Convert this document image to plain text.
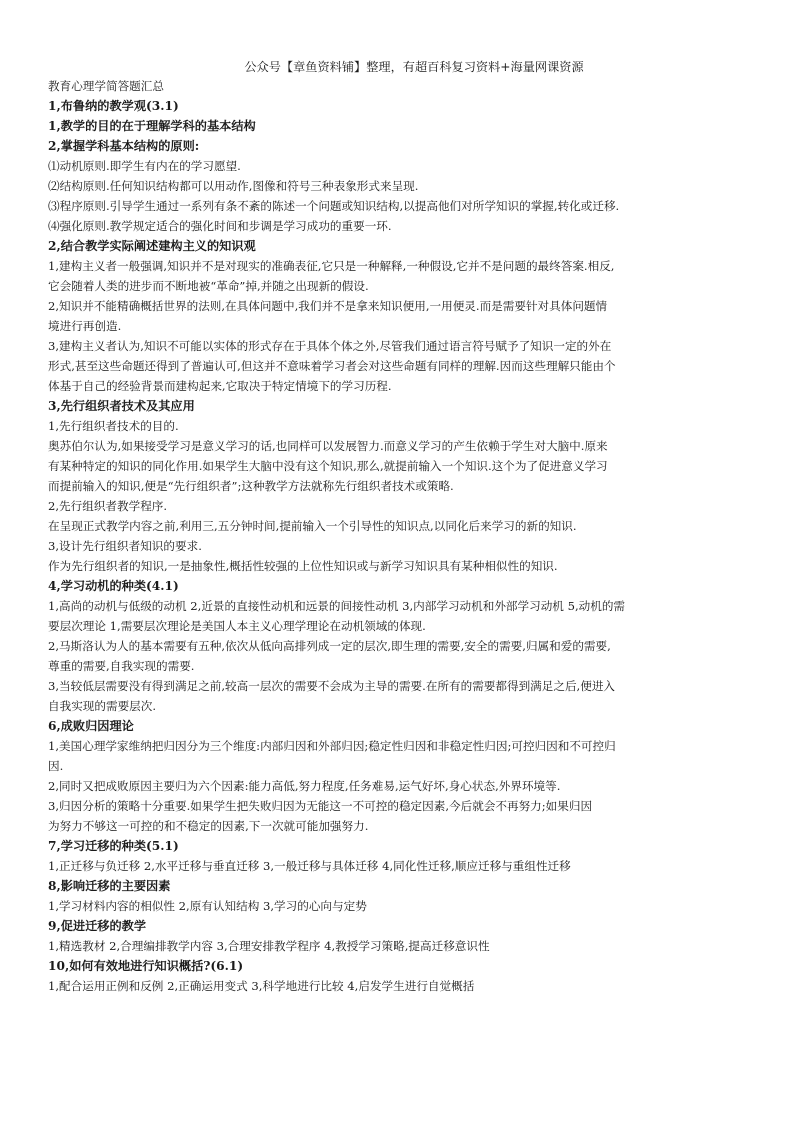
公众号【章鱼资料铺】整理，有超百科复习资料+海量网课资源
教育心理学简答题汇总
1,布鲁纳的教学观(3.1)
1,教学的目的在于理解学科的基本结构
2,掌握学科基本结构的原则:
⑴动机原则.即学生有内在的学习愿望.
⑵结构原则.任何知识结构都可以用动作,图像和符号三种表象形式来呈现.
⑶程序原则.引导学生通过一系列有条不紊的陈述一个问题或知识结构,以提高他们对所学知识的掌握,转化或迁移.
⑷强化原则.教学规定适合的强化时间和步调是学习成功的重要一环.
2,结合教学实际阐述建构主义的知识观
1,建构主义者一般强调,知识并不是对现实的准确表征,它只是一种解释,一种假设,它并不是问题的最终答案.相反,
它会随着人类的进步而不断地被“革命”掉,并随之出现新的假设.
2,知识并不能精确概括世界的法则,在具体问题中,我们并不是拿来知识便用,一用便灵.而是需要针对具体问题情
境进行再创造.
3,建构主义者认为,知识不可能以实体的形式存在于具体个体之外,尽管我们通过语言符号赋予了知识一定的外在
形式,甚至这些命题还得到了普遍认可,但这并不意味着学习者会对这些命题有同样的理解.因而这些理解只能由个
体基于自己的经验背景而建构起来,它取决于特定情境下的学习历程.
3,先行组织者技术及其应用
1,先行组织者技术的目的.
奥苏伯尔认为,如果接受学习是意义学习的话,也同样可以发展智力.而意义学习的产生依赖于学生对大脑中.原来
有某种特定的知识的同化作用.如果学生大脑中没有这个知识,那么,就提前输入一个知识.这个为了促进意义学习
而提前输入的知识,便是“先行组织者”;这种教学方法就称先行组织者技术或策略.
2,先行组织者教学程序.
在呈现正式教学内容之前,利用三,五分钟时间,提前输入一个引导性的知识点,以同化后来学习的新的知识.
3,设计先行组织者知识的要求.
作为先行组织者的知识,一是抽象性,概括性较强的上位性知识或与新学习知识具有某种相似性的知识.
4,学习动机的种类(4.1)
1,高尚的动机与低级的动机 2,近景的直接性动机和远景的间接性动机 3,内部学习动机和外部学习动机 5,动机的需
要层次理论 1,需要层次理论是美国人本主义心理学理论在动机领域的体现.
2,马斯洛认为人的基本需要有五种,依次从低向高排列成一定的层次,即生理的需要,安全的需要,归属和爱的需要,
尊重的需要,自我实现的需要.
3,当较低层需要没有得到满足之前,较高一层次的需要不会成为主导的需要.在所有的需要都得到满足之后,便进入
自我实现的需要层次.
6,成败归因理论
1,美国心理学家维纳把归因分为三个维度:内部归因和外部归因;稳定性归因和非稳定性归因;可控归因和不可控归
因.
2,同时又把成败原因主要归为六个因素:能力高低,努力程度,任务难易,运气好坏,身心状态,外界环境等.
3,归因分析的策略十分重要.如果学生把失败归因为无能这一不可控的稳定因素,今后就会不再努力;如果归因
为努力不够这一可控的和不稳定的因素,下一次就可能加强努力.
7,学习迁移的种类(5.1)
1,正迁移与负迁移 2,水平迁移与垂直迁移 3,一般迁移与具体迁移 4,同化性迁移,顺应迁移与重组性迁移
8,影响迁移的主要因素
1,学习材料内容的相似性 2,原有认知结构 3,学习的心向与定势
9,促进迁移的教学
1,精选教材 2,合理编排教学内容 3,合理安排教学程序 4,教授学习策略,提高迁移意识性
10,如何有效地进行知识概括?(6.1)
1,配合运用正例和反例 2,正确运用变式 3,科学地进行比较 4,启发学生进行自觉概括
